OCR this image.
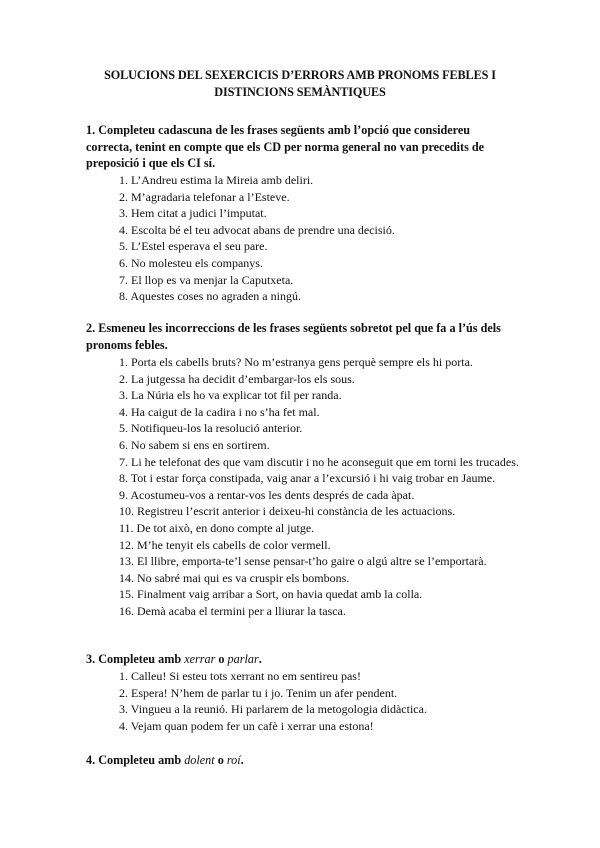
SOLUCIONS DEL SEXERCICIS D’ERRORS AMB PRONOMS FEBLES I
DISTINCIONS SEMÀNTIQUES
1. Completeu cadascuna de les frases següents amb l’opció que considereu correcta, tenint en compte que els CD per norma general no van precedits de preposició i que els CI sí.
1. L’Andreu estima la Mireia amb deliri.
2. M’agradaria telefonar a l’Esteve.
3. Hem citat a judici l’imputat.
4. Escolta bé el teu advocat abans de prendre una decisió.
5. L’Estel esperava el seu pare.
6. No molesteu els companys.
7. El llop es va menjar la Caputxeta.
8. Aquestes coses no agraden a ningú.
2. Esmeneu les incorreccions de les frases següents sobretot pel que fa a l’ús dels pronoms febles.
1. Porta els cabells bruts? No m’estranya gens perquè sempre els hi porta.
2. La jutgessa ha decidit d’embargar-los els sous.
3. La Núria els ho va explicar tot fil per randa.
4. Ha caigut de la cadira i no s’ha fet mal.
5. Notifiqueu-los la resolució anterior.
6. No sabem si ens en sortirem.
7. Li he telefonat des que vam discutir i no he aconseguit que em torni les trucades.
8. Tot i estar força constipada, vaig anar a l’excursió i hi vaig trobar en Jaume.
9. Acostumeu-vos a rentar-vos les dents després de cada àpat.
10. Registreu l’escrit anterior i deixeu-hi constància de les actuacions.
11. De tot això, en dono compte al jutge.
12. M’he tenyit els cabells de color vermell.
13. El llibre, emporta-te’l sense pensar-t’ho gaire o algú altre se l’emportarà.
14. No sabré mai qui es va cruspir els bombons.
15. Finalment vaig arribar a Sort, on havia quedat amb la colla.
16. Demà acaba el termini per a lliurar la tasca.
3. Completeu amb xerrar o parlar.
1. Calleu! Si esteu tots xerrant no em sentireu pas!
2. Espera! N’hem de parlar tu i jo. Tenim un afer pendent.
3. Vingueu a la reunió. Hi parlarem de la metogologia didàctica.
4. Vejam quan podem fer un cafè i xerrar una estona!
4. Completeu amb dolent o roí.
